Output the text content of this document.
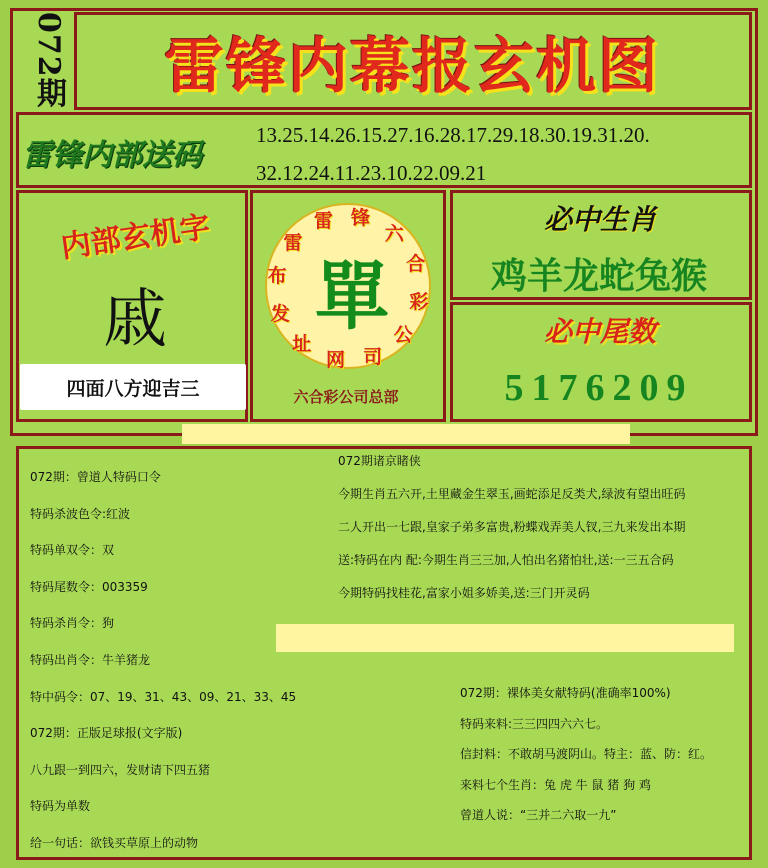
072期	雷锋内幕报玄机图
雷锋内部送码
13.25.14.26.15.27.16.28.17.29.18.30.19.31.20.
32.12.24.11.23.10.22.09.21
内部玄机字
戚
四面八方迎吉三
雷 锋
六
合
彩
公
司
网
址
发
布
雷
單
六合彩公司总部
必中生肖
鸡羊龙蛇兔猴
必中尾数
5176209
072期：曾道人特码口令
特码杀波色令:红波
特码单双令：双
特码尾数令：003359
特码杀肖令：狗
特码出肖令：牛羊猪龙
特中码令：07、19、31、43、09、21、33、45
072期：正版足球报(文字版)
八九跟一到四六，发财请下四五猪
特码为单数
给一句话：欲钱买草原上的动物
072期诸京睹侠
今期生肖五六开,土里藏金生翠玉,画蛇添足反类犬,绿波有望出旺码
二人开出一七跟,皇家子弟多富贵,粉蝶戏弄美人钗,三九来发出本期
送:特码在内 配:今期生肖三三加,人怕出名猪怕壮,送:一三五合码
今期特码找桂花,富家小姐多娇美,送:三门开灵码
072期：裸体美女献特码(准确率100%)
特码来料:三三四四六六七。
信封料：不敢胡马渡阴山。特主：蓝、防：红。
来料七个生肖：兔 虎 牛 鼠 猪 狗 鸡
曾道人说：“三并二六取一九”
